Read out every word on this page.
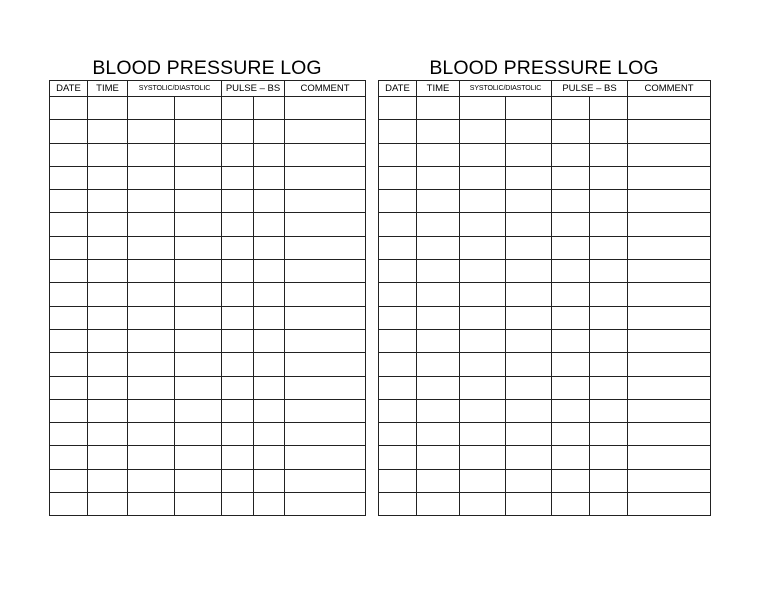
BLOOD PRESSURE LOG
DATE	TIME	SYSTOLIC/DIASTOLIC		PULSE – BS		COMMENT

BLOOD PRESSURE LOG
DATE	TIME	SYSTOLIC/DIASTOLIC		PULSE – BS		COMMENT
